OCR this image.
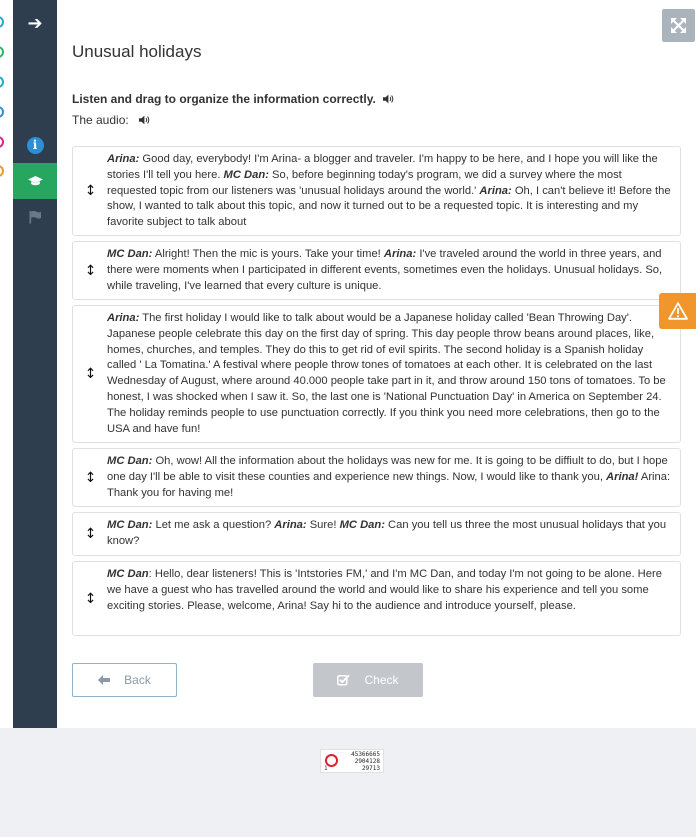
➔
i
Unusual holidays
Listen and drag to organize the information correctly.
The audio:
↕
Arina: Good day, everybody! I'm Arina- a blogger and traveler. I'm happy to be here, and I hope you will like the stories I'll tell you here. MC Dan: So, before beginning today's program, we did a survey where the most requested topic from our listeners was 'unusual holidays around the world.' Arina: Oh, I can't believe it! Before the show, I wanted to talk about this topic, and now it turned out to be a requested topic. It is interesting and my favorite subject to talk about
↕
MC Dan: Alright! Then the mic is yours. Take your time! Arina: I've traveled around the world in three years, and there were moments when I participated in different events, sometimes even the holidays. Unusual holidays. So, while traveling, I've learned that every culture is unique.
↕
Arina: The first holiday I would like to talk about would be a Japanese holiday called 'Bean Throwing Day'. Japanese people celebrate this day on the first day of spring. This day people throw beans around places, like, homes, churches, and temples. They do this to get rid of evil spirits. The second holiday is a Spanish holiday called ' La Tomatina.' A festival where people throw tones of tomatoes at each other. It is celebrated on the last Wednesday of August, where around 40.000 people take part in it, and throw around 150 tons of tomatoes. To be honest, I was shocked when I saw it. So, the last one is 'National Punctuation Day' in America on September 24. The holiday reminds people to use punctuation correctly. If you think you need more celebrations, then go to the USA and have fun!
↕
MC Dan: Oh, wow! All the information about the holidays was new for me. It is going to be diffiult to do, but I hope one day I'll be able to visit these counties and experience new things. Now, I would like to thank you, Arina! Arina: Thank you for having me!
↕
MC Dan: Let me ask a question? Arina: Sure! MC Dan: Can you tell us three the most unusual holidays that you know?
↕
MC Dan: Hello, dear listeners! This is 'Intstories FM,' and I'm MC Dan, and today I'm not going to be alone. Here we have a guest who has travelled around the world and would like to share his experience and tell you some exciting stories. Please, welcome, Arina! Say hi to the audience and introduce yourself, please.
Back	Check
1
45366665
2904128
29713
